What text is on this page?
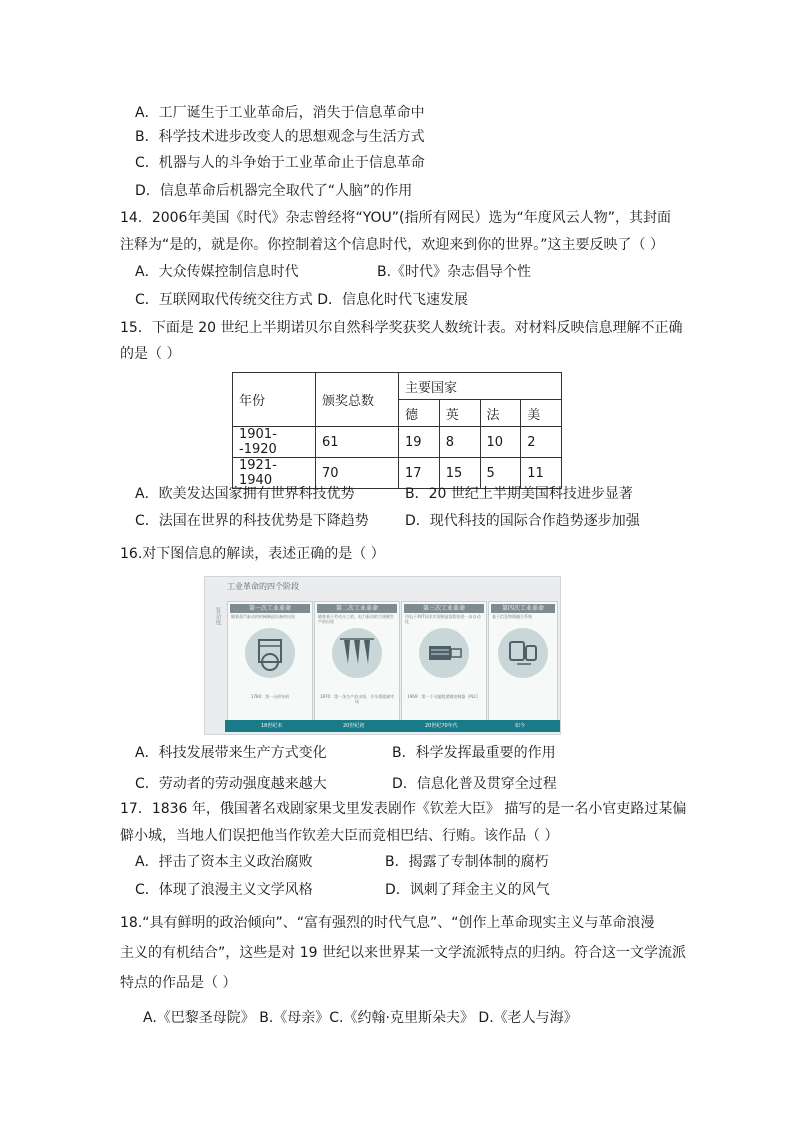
A．工厂诞生于工业革命后，消失于信息革命中
B．科学技术进步改变人的思想观念与生活方式
C．机器与人的斗争始于工业革命止于信息革命
D．信息革命后机器完全取代了“人脑”的作用
14．2006年美国《时代》杂志曾经将“YOU”(指所有网民）选为“年度风云人物”，其封面
注释为“是的，就是你。你控制着这个信息时代，欢迎来到你的世界。”这主要反映了（ ）
A．大众传媒控制信息时代	B.《时代》杂志倡导个性
C．互联网取代传统交往方式 D．信息化时代飞速发展
15．下面是 20 世纪上半期诺贝尔自然科学奖获奖人数统计表。对材料反映信息理解不正确
的是（ ）
年份	颁奖总数	主要国家			
		德	英	法	美
1901--1920	61	19	8	10	2
1921- 1940	70	17	15	5	11
A．欧美发达国家拥有世界科技优势	B．20 世纪上半期美国科技进步显著
C．法国在世界的科技优势是下降趋势	D．现代科技的国际合作趋势逐步加强
16.对下图信息的解读，表述正确的是（ ）
工业革命的四个阶段
复杂度	第一次工业革命
随着蒸汽驱动的机械制造设备的出现
1784：第一台织布机
第二次工业革命
随着基于劳动分工的、电力驱动的大规模生产的出现
1870：第一条生产流水线，辛辛那提屠宰场
第三次工业革命
用电子和IT技术实现制造流程的进一步自动化
1969：第一个可编程逻辑控制器（PLC）
第四次工业革命
基于信息物理融合系统
18世纪末	20世纪初	20世纪70年代	如今
A．科技发展带来生产方式变化	B．科学发挥最重要的作用
C．劳动者的劳动强度越来越大	D．信息化普及贯穿全过程
17．1836 年，俄国著名戏剧家果戈里发表剧作《钦差大臣》 描写的是一名小官吏路过某偏
僻小城，当地人们误把他当作钦差大臣而竞相巴结、行贿。该作品（ ）
A．抨击了资本主义政治腐败	B．揭露了专制体制的腐朽
C．体现了浪漫主义文学风格	D．讽刺了拜金主义的风气
18.“具有鲜明的政治倾向”、“富有强烈的时代气息”、“创作上革命现实主义与革命浪漫
主义的有机结合”，这些是对 19 世纪以来世界某一文学流派特点的归纳。符合这一文学流派
特点的作品是（ ）
A.《巴黎圣母院》 B.《母亲》C.《约翰·克里斯朵夫》 D.《老人与海》
